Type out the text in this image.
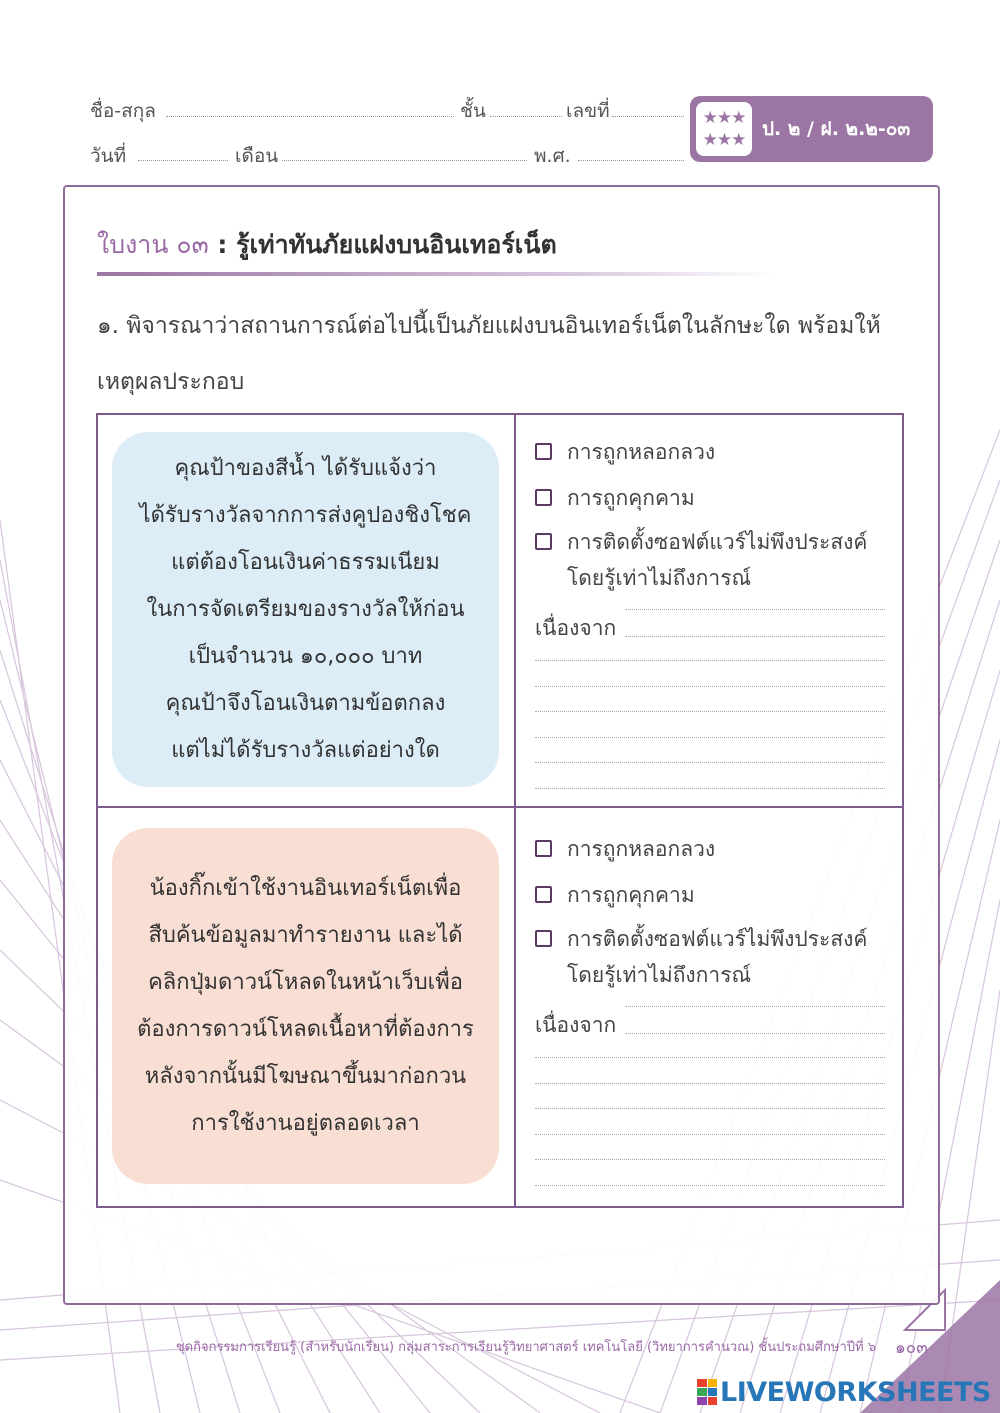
ชื่อ-สกุล	ชั้น	เลขที่
วันที่	เดือน	พ.ศ.
★★★
★★★ ป. ๒ / ฝ. ๒.๒-๐๓
ใบงาน ๐๓ : รู้เท่าทันภัยแฝงบนอินเทอร์เน็ต
๑. พิจารณาว่าสถานการณ์ต่อไปนี้เป็นภัยแฝงบนอินเทอร์เน็ตในลักษะใด พร้อมให้เหตุผลประกอบ
คุณป้าของสีน้ำ ได้รับแจ้งว่า
ได้รับรางวัลจากการส่งคูปองชิงโชค
แต่ต้องโอนเงินค่าธรรมเนียม
ในการจัดเตรียมของรางวัลให้ก่อน
เป็นจำนวน ๑๐,๐๐๐ บาท
คุณป้าจึงโอนเงินตามข้อตกลง
แต่ไม่ได้รับรางวัลแต่อย่างใด
การถูกหลอกลวง
การถูกคุกคาม
การติดตั้งซอฟต์แวร์ไม่พึงประสงค์
โดยรู้เท่าไม่ถึงการณ์
เนื่องจาก
น้องกิ๊กเข้าใช้งานอินเทอร์เน็ตเพื่อ
สืบค้นข้อมูลมาทำรายงาน และได้
คลิกปุ่มดาวน์โหลดในหน้าเว็บเพื่อ
ต้องการดาวน์โหลดเนื้อหาที่ต้องการ
หลังจากนั้นมีโฆษณาขึ้นมาก่อกวน
การใช้งานอยู่ตลอดเวลา
การถูกหลอกลวง
การถูกคุกคาม
การติดตั้งซอฟต์แวร์ไม่พึงประสงค์
โดยรู้เท่าไม่ถึงการณ์
เนื่องจาก
ชุดกิจกรรมการเรียนรู้ (สำหรับนักเรียน) กลุ่มสาระการเรียนรู้วิทยาศาสตร์ เทคโนโลยี (วิทยาการคำนวณ) ชั้นประถมศึกษาปีที่ ๖ ๑๐๓
LIVEWORKSHEETS
